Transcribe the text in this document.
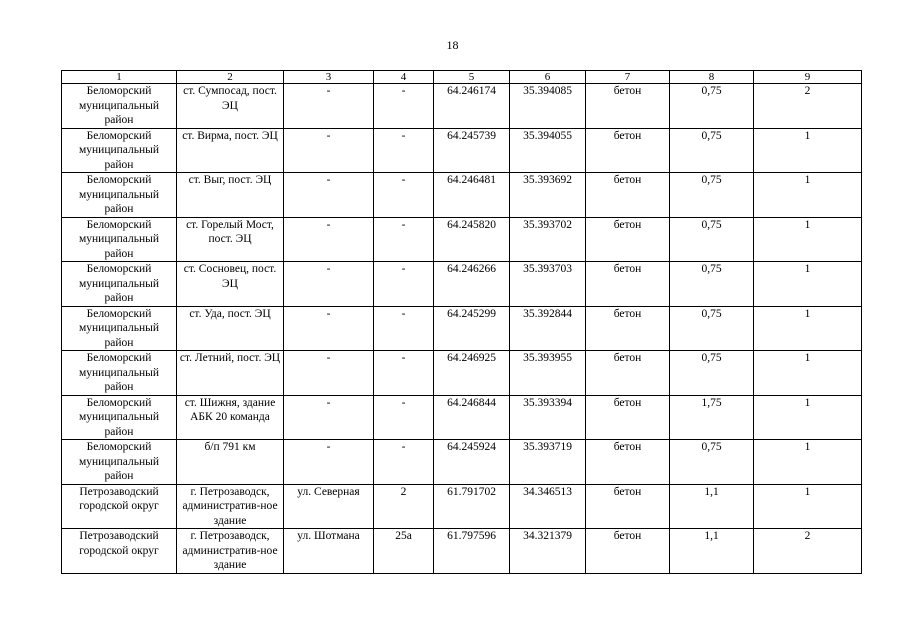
18
1	2	3	4	5	6	7	8	9
Беломорский муниципальный район	ст. Сумпосад, пост. ЭЦ	-	-	64.246174	35.394085	бетон	0,75	2
Беломорский муниципальный район	ст. Вирма, пост. ЭЦ	-	-	64.245739	35.394055	бетон	0,75	1
Беломорский муниципальный район	ст. Выг, пост. ЭЦ	-	-	64.246481	35.393692	бетон	0,75	1
Беломорский муниципальный район	ст. Горелый Мост, пост. ЭЦ	-	-	64.245820	35.393702	бетон	0,75	1
Беломорский муниципальный район	ст. Сосновец, пост. ЭЦ	-	-	64.246266	35.393703	бетон	0,75	1
Беломорский муниципальный район	ст. Уда, пост. ЭЦ	-	-	64.245299	35.392844	бетон	0,75	1
Беломорский муниципальный район	ст. Летний, пост. ЭЦ	-	-	64.246925	35.393955	бетон	0,75	1
Беломорский муниципальный район	ст. Шижня, здание АБК 20 команда	-	-	64.246844	35.393394	бетон	1,75	1
Беломорский муниципальный район	б/п 791 км	-	-	64.245924	35.393719	бетон	0,75	1
Петрозаводский городской округ	г. Петрозаводск, административ-ное здание	ул. Северная	2	61.791702	34.346513	бетон	1,1	1
Петрозаводский городской округ	г. Петрозаводск, административ-ное здание	ул. Шотмана	25а	61.797596	34.321379	бетон	1,1	2
